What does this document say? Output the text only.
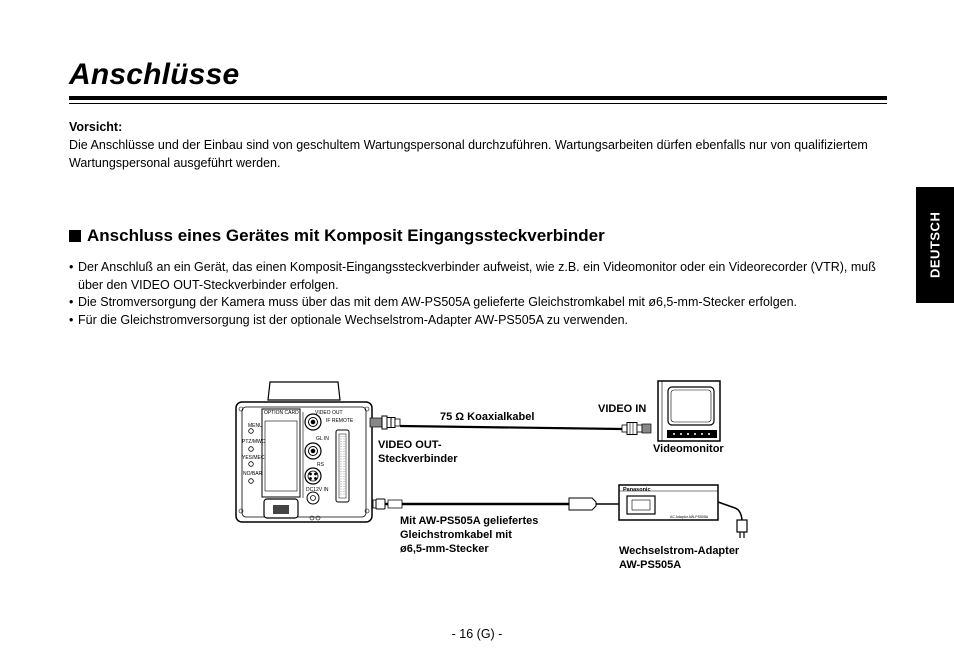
Anschlüsse
Vorsicht:
Die Anschlüsse und der Einbau sind von geschultem Wartungspersonal durchzuführen. Wartungsarbeiten dürfen ebenfalls nur von qualifiziertem Wartungspersonal ausgeführt werden.
DEUTSCH
Anschluss eines Gerätes mit Komposit Eingangssteckverbinder
• Der Anschluß an ein Gerät, das einen Komposit-Eingangssteckverbinder aufweist, wie z.B. ein Videomonitor oder ein Videorecorder (VTR), muß über den VIDEO OUT-Steckverbinder erfolgen.
• Die Stromversorgung der Kamera muss über das mit dem AW-PS505A gelieferte Gleichstromkabel mit ø6,5-mm-Stecker erfolgen.
• Für die Gleichstromversorgung ist der optionale Wechselstrom-Adapter AW-PS505A zu verwenden.
OPTION CARD	VIDEO OUT
IF REMOTE
MENU
PTZ/MWC
YES/MEC
NO/BAR
GL IN
RS
DC12V IN	Panasonic
AC Adaptor AW-PS505A
75 Ω Koaxialkabel
VIDEO IN
VIDEO OUT-
Steckverbinder
Videomonitor
Mit AW-PS505A geliefertes
Gleichstromkabel mit
ø6,5-mm-Stecker	Wechselstrom-Adapter
AW-PS505A
- 16 (G) -
